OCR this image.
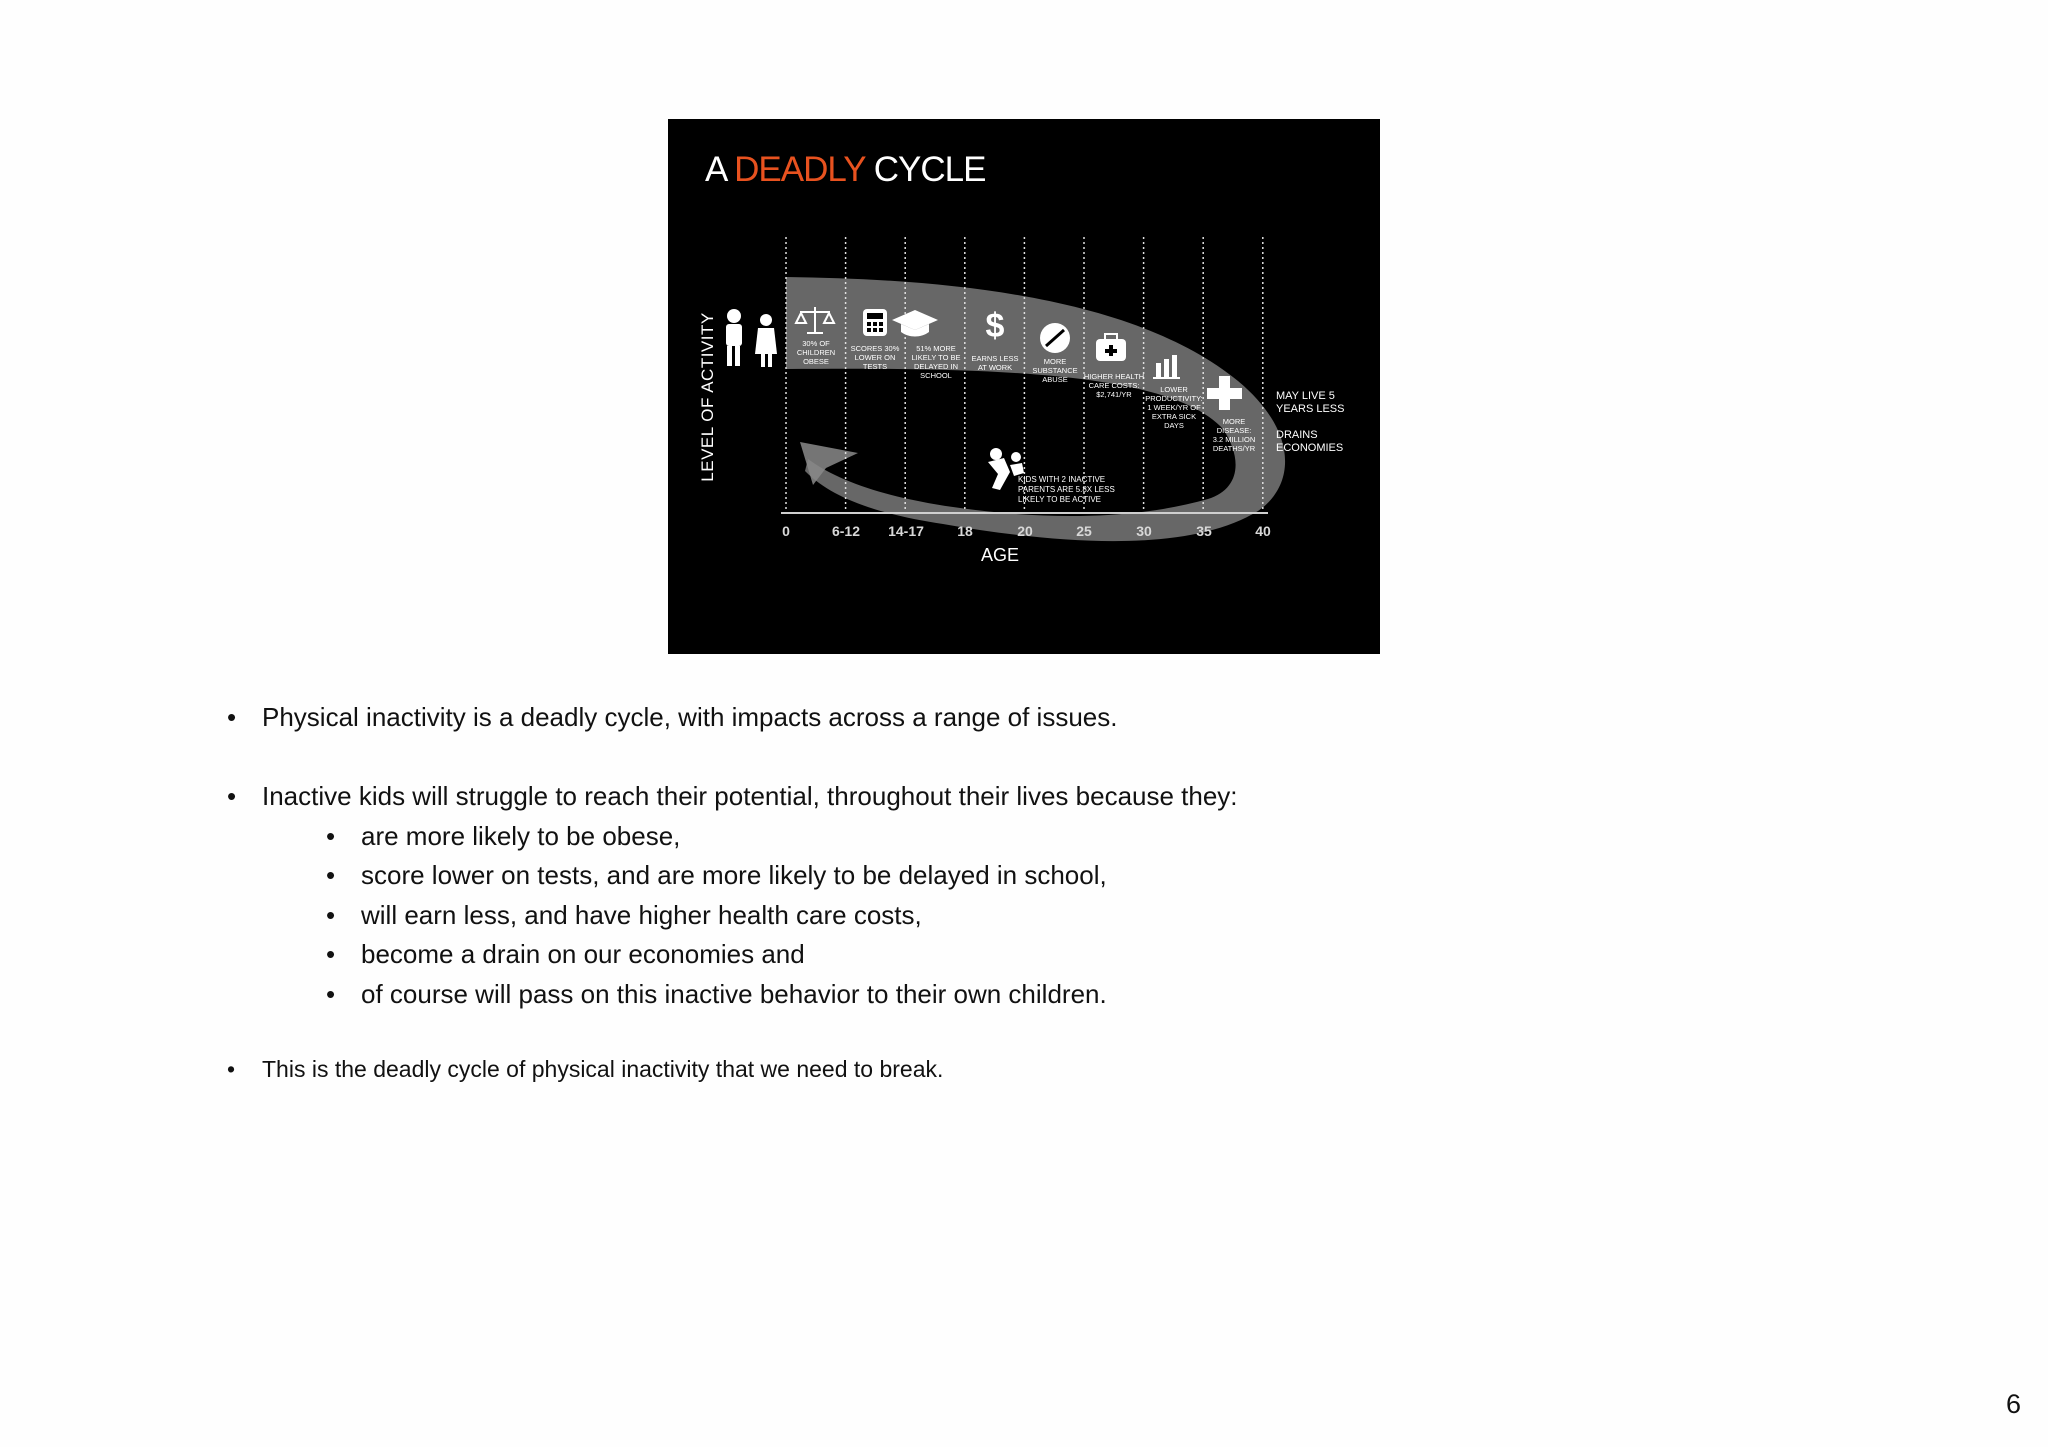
$
A DEADLY CYCLE
LEVEL OF ACTIVITY
AGE
0	6-12 14-17 18	20	25	30	35	40
30% OF
CHILDREN
OBESE
SCORES 30%
LOWER ON
TESTS
51% MORE
LIKELY TO BE
DELAYED IN
SCHOOL
EARNS LESS
AT WORK
MORE
SUBSTANCE
ABUSE	HIGHER HEALTH
CARE COSTS:
$2,741/YR
LOWER
PRODUCTIVITY:
1 WEEK/YR OF
EXTRA SICK
DAYS	MORE
DISEASE:
3.2 MILLION
DEATHS/YR
MAY LIVE 5
YEARS LESS
DRAINS
ECONOMIES
KIDS WITH 2 INACTIVE PARENTS ARE 5.8X LESS LIKELY TO BE ACTIVE
• Physical inactivity is a deadly cycle, with impacts across a range of issues.
• Inactive kids will struggle to reach their potential, throughout their lives because they:
• are more likely to be obese,
• score lower on tests, and are more likely to be delayed in school,
• will earn less, and have higher health care costs,
• become a drain on our economies and
• of course will pass on this inactive behavior to their own children.
• This is the deadly cycle of physical inactivity that we need to break.
6
